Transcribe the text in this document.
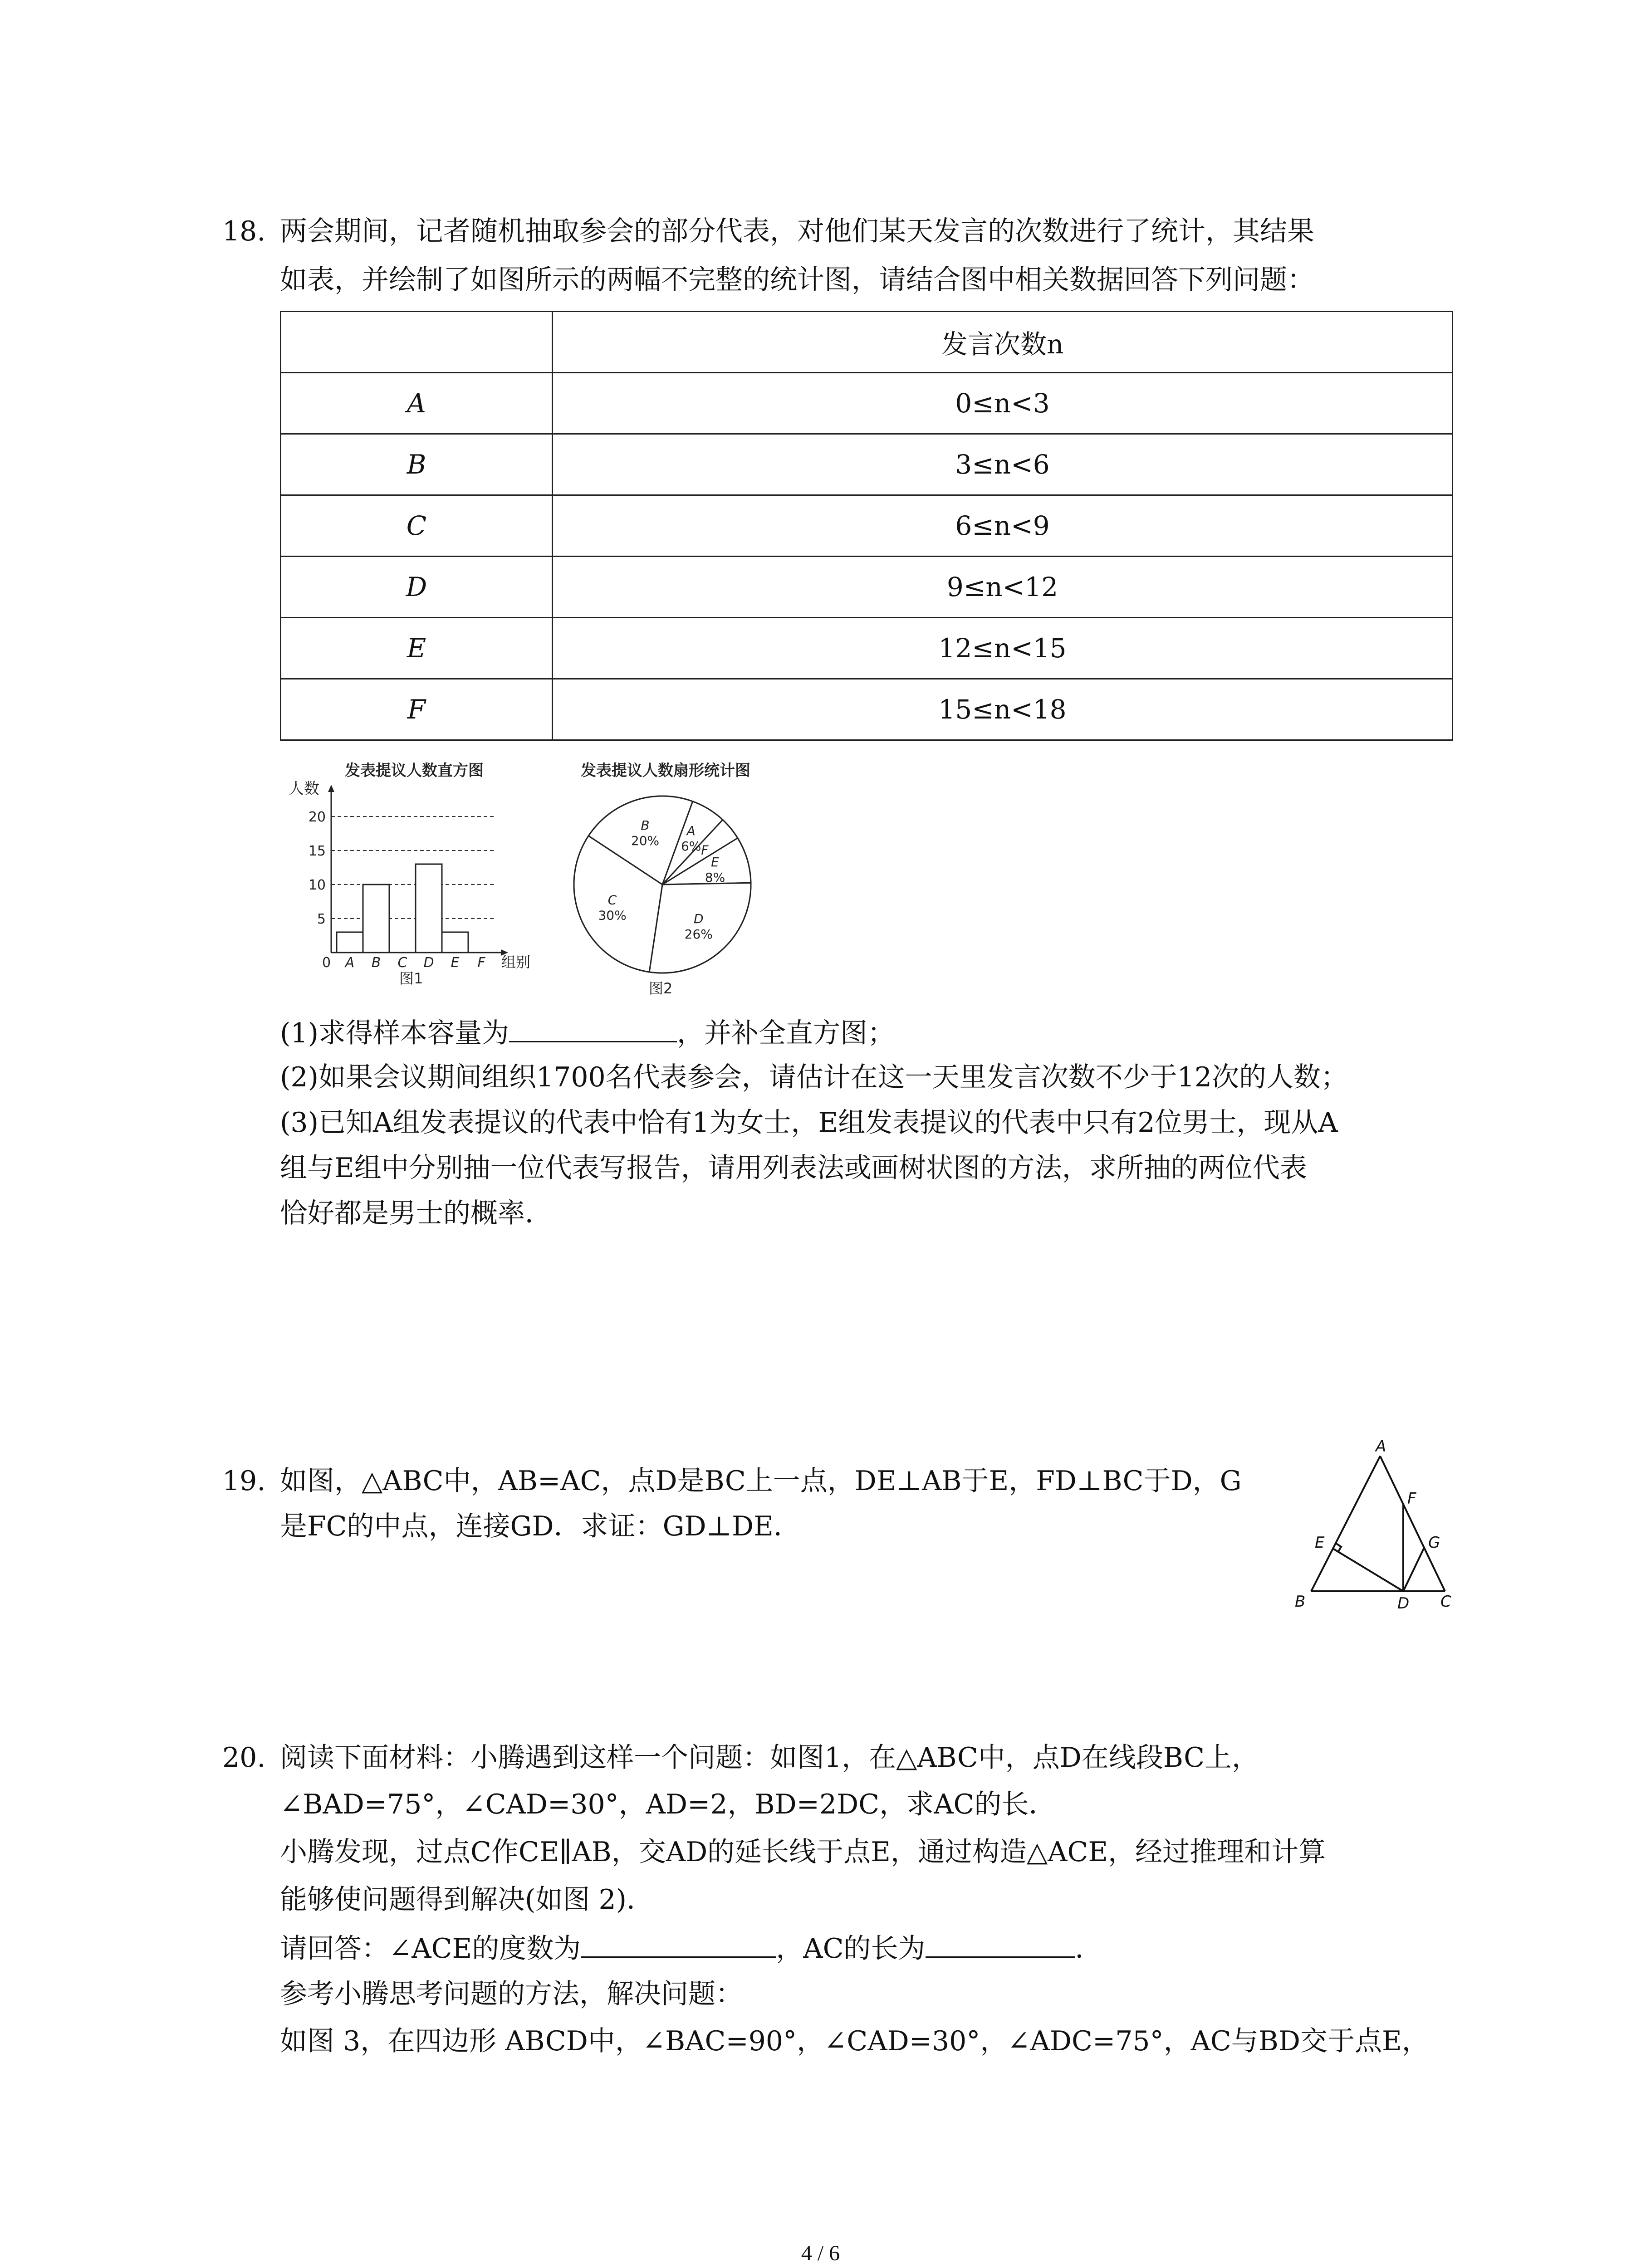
18. 两会期间，记者随机抽取参会的部分代表，对他们某天发言的次数进行了统计，其结果
如表，并绘制了如图所示的两幅不完整的统计图，请结合图中相关数据回答下列问题：
	发言次数n
A	0≤n<3
B	3≤n<6
C	6≤n<9
D	9≤n<12
E	12≤n<15
F	15≤n<18
发表提议人数直方图
人数
5
10
15
20
A B C D E F
0	组别
图1
发表提议人数扇形统计图
A
6% F
E
8%
D
26%
C
30%
B
20%
图2
(1)求得样本容量为	，并补全直方图；
(2)如果会议期间组织1700名代表参会，请估计在这一天里发言次数不少于12次的人数；
(3)已知A组发表提议的代表中恰有1为女士，E组发表提议的代表中只有2位男士，现从A
组与E组中分别抽一位代表写报告，请用列表法或画树状图的方法，求所抽的两位代表
恰好都是男士的概率．
19. 如图，△ABC中，AB=AC，点D是BC上一点，DE⊥AB于E，FD⊥BC于D，G
是FC的中点，连接GD．求证：GD⊥DE．
A
B	C
D
E
F
G
20. 阅读下面材料：小腾遇到这样一个问题：如图1，在△ABC中，点D在线段BC上，
∠BAD=75°，∠CAD=30°，AD=2，BD=2DC，求AC的长．
小腾发现，过点C作CE∥AB，交AD的延长线于点E，通过构造△ACE，经过推理和计算
能够使问题得到解决(如图 2)．
请回答：∠ACE的度数为	，AC的长为	．
参考小腾思考问题的方法，解决问题：
如图 3，在四边形 ABCD中，∠BAC=90°，∠CAD=30°，∠ADC=75°，AC与BD交于点E，
4 / 6
